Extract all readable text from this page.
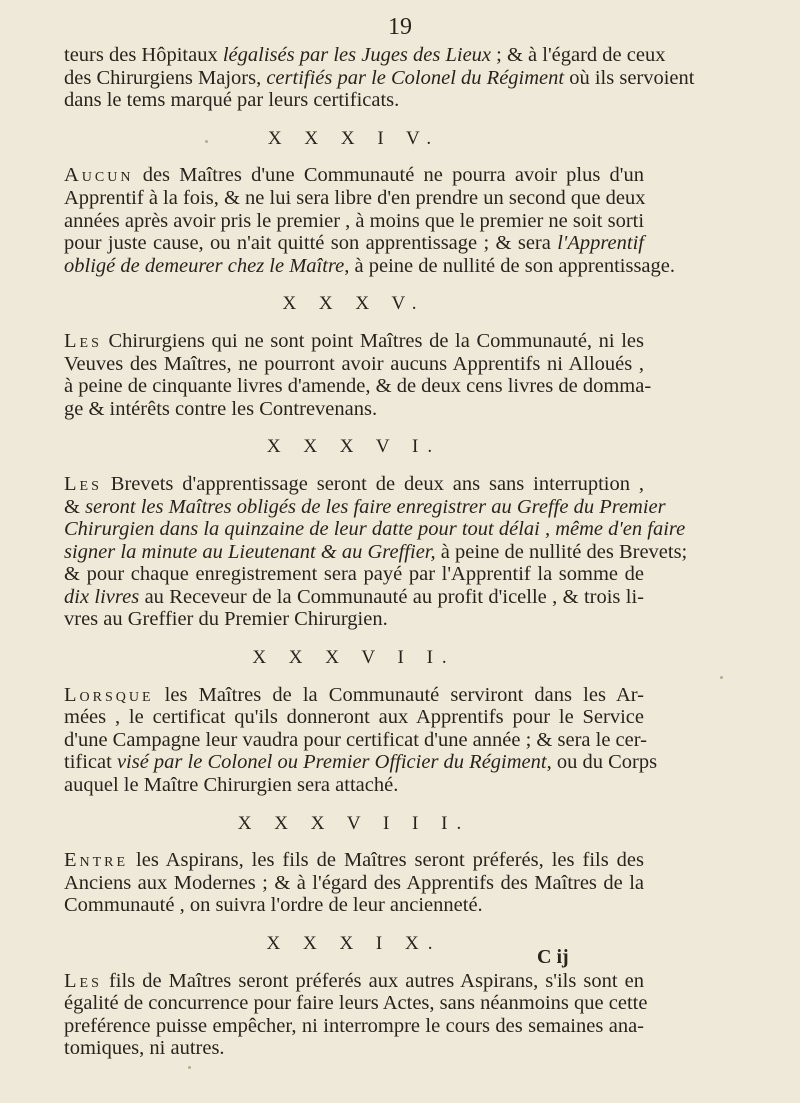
19
teurs des Hôpitaux légalisés par les Juges des Lieux ; & à l'égard de ceux
des Chirurgiens Majors, certifiés par le Colonel du Régiment où ils servoient
dans le tems marqué par leurs certificats.
X X X I V.
Aucun des Maîtres d'une Communauté ne pourra avoir plus d'un
Apprentif à la fois, & ne lui sera libre d'en prendre un second que deux
années après avoir pris le premier , à moins que le premier ne soit sorti
pour juste cause, ou n'ait quitté son apprentissage ; & sera l'Apprentif
obligé de demeurer chez le Maître, à peine de nullité de son apprentissage.
X X X V.
Les Chirurgiens qui ne sont point Maîtres de la Communauté, ni les
Veuves des Maîtres, ne pourront avoir aucuns Apprentifs ni Alloués ,
à peine de cinquante livres d'amende, & de deux cens livres de domma-
ge & intérêts contre les Contrevenans.
X X X V I.
Les Brevets d'apprentissage seront de deux ans sans interruption ,
& seront les Maîtres obligés de les faire enregistrer au Greffe du Premier
Chirurgien dans la quinzaine de leur datte pour tout délai , même d'en faire
signer la minute au Lieutenant & au Greffier, à peine de nullité des Brevets;
& pour chaque enregistrement sera payé par l'Apprentif la somme de
dix livres au Receveur de la Communauté au profit d'icelle , & trois li-
vres au Greffier du Premier Chirurgien.
X X X V I I.
Lorsque les Maîtres de la Communauté serviront dans les Ar-
mées , le certificat qu'ils donneront aux Apprentifs pour le Service
d'une Campagne leur vaudra pour certificat d'une année ; & sera le cer-
tificat visé par le Colonel ou Premier Officier du Régiment, ou du Corps
auquel le Maître Chirurgien sera attaché.
X X X V I I I.
Entre les Aspirans, les fils de Maîtres seront préferés, les fils des
Anciens aux Modernes ; & à l'égard des Apprentifs des Maîtres de la
Communauté , on suivra l'ordre de leur ancienneté.
X X X I X.
Les fils de Maîtres seront préferés aux autres Aspirans, s'ils sont en
égalité de concurrence pour faire leurs Actes, sans néanmoins que cette
preférence puisse empêcher, ni interrompre le cours des semaines ana-
tomiques, ni autres.
C ij
